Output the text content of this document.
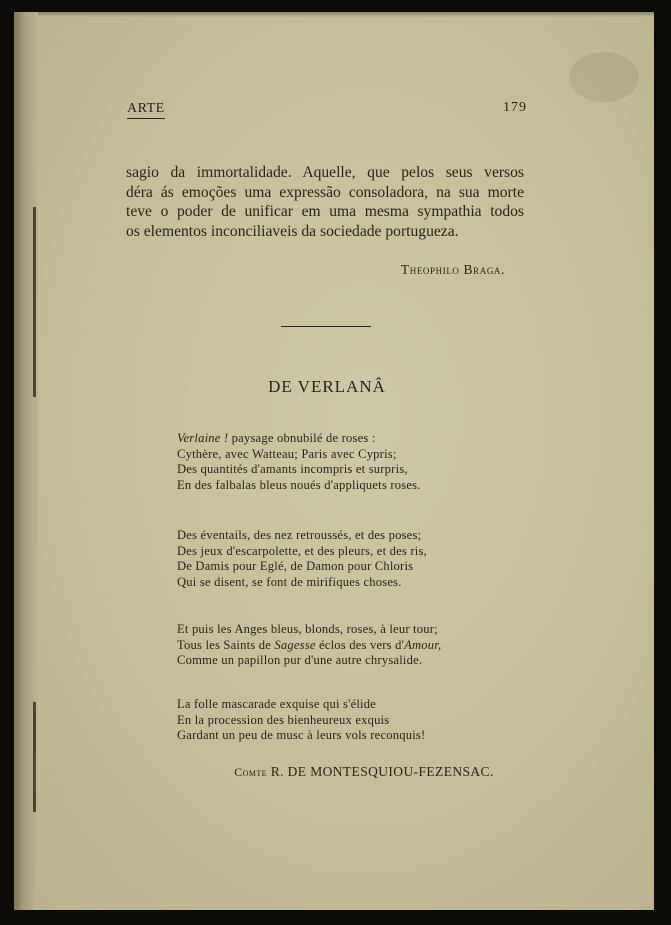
ARTE	179
sagio da immortalidade. Aquelle, que pelos seus versos
déra ás emoções uma expressão consoladora, na sua morte
teve o poder de unificar em uma mesma sympathia todos
os elementos inconciliaveis da sociedade portugueza.
Theophilo Braga.
DE VERLANÂ
Verlaine ! paysage obnubilé de roses :
Cythère, avec Watteau; Paris avec Cypris;
Des quantités d'amants incompris et surpris,
En des falbalas bleus noués d'appliquets roses.
Des éventails, des nez retroussés, et des poses;
Des jeux d'escarpolette, et des pleurs, et des ris,
De Damis pour Eglé, de Damon pour Chloris
Qui se disent, se font de mirifiques choses.
Et puis les Anges bleus, blonds, roses, à leur tour;
Tous les Saints de Sagesse éclos des vers d'Amour,
Comme un papillon pur d'une autre chrysalide.
La folle mascarade exquise qui s'élide
En la procession des bienheureux exquis
Gardant un peu de musc à leurs vols reconquis!
Comte R. DE MONTESQUIOU-FEZENSAC.
